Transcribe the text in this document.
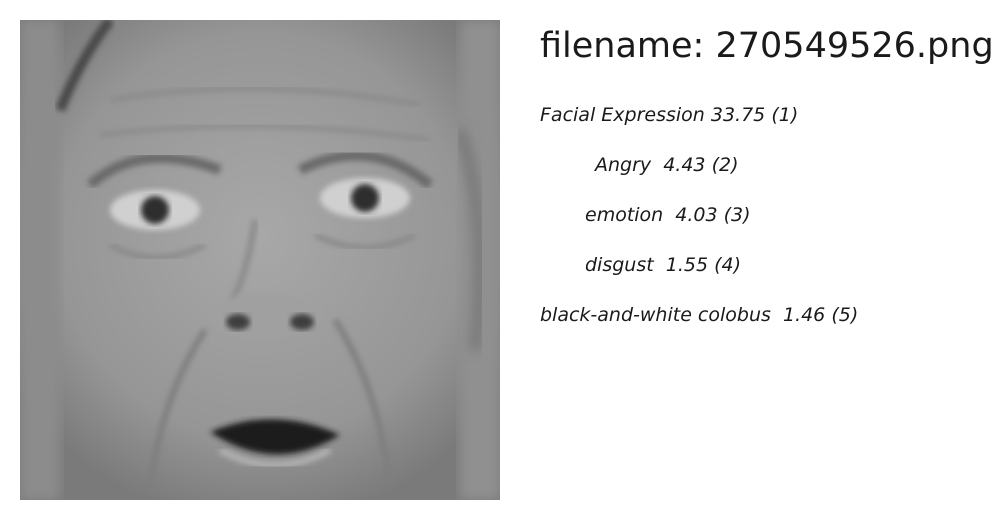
filename: 270549526.png

Facial Expression 33.75 (1)
Angry 4.43 (2)
emotion 4.03 (3)
disgust 1.55 (4)
black-and-white colobus 1.46 (5)
